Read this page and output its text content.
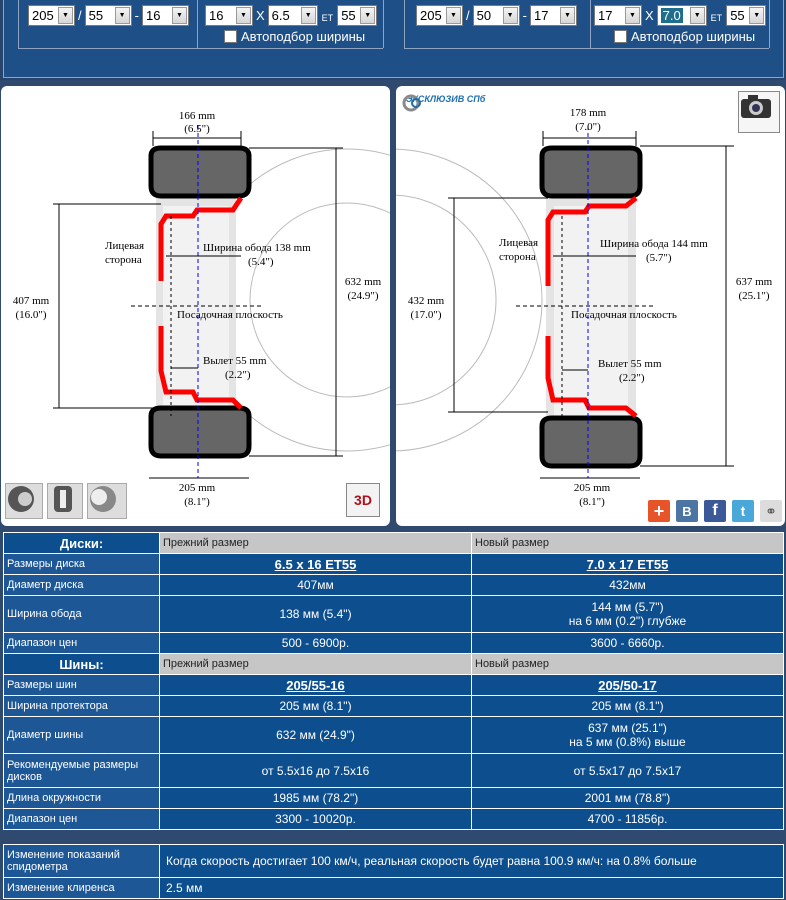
205	▼ / 55	▼ - 16	▼	16	▼ X 6.5	▼	ET 55	▼
Автоподбор ширины
205	▼ / 50	▼ - 17	▼	17	▼ X 7.0	▼	ET 55	▼
Автоподбор ширины
166 mm
(6.5")
Лицевая
сторона
Ширина обода 138 mm
(5.4")
Посадочная плоскость
Вылет 55 mm
(2.2")
407 mm
(16.0")
632 mm
(24.9")
205 mm
(8.1")	3D
178 mm
(7.0")
Лицевая
сторона
Ширина обода 144 mm
(5.7")
Посадочная плоскость
Вылет 55 mm
(2.2")
432 mm
(17.0")
637 mm
(25.1")
205 mm
(8.1")
ЭКСКЛЮЗИВ СПб
+	B	f	t	⚭
Диски:	Прежний размер	Новый размер
Размеры диска	6.5 x 16 ET55	7.0 x 17 ET55
Диаметр диска	407мм	432мм
Ширина обода	138 мм (5.4")	144 мм (5.7")
на 6 мм (0.2") глубже

Диапазон цен	500 - 6900р.	3600 - 6660р.
Шины:	Прежний размер	Новый размер
Размеры шин	205/55-16	205/50-17
Ширина протектора	205 мм (8.1")	205 мм (8.1")
Диаметр шины	632 мм (24.9")	637 мм (25.1")
на 5 мм (0.8%) выше

Рекомендуемые размеры дисков	от 5.5x16 до 7.5x16	от 5.5x17 до 7.5x17
Длина окружности	1985 мм (78.2")	2001 мм (78.8")
Диапазон цен	3300 - 10020р.	4700 - 11856р.
Изменение показаний спидометра	Когда скорость достигает 100 км/ч, реальная скорость будет равна 100.9 км/ч: на 0.8% больше
Изменение клиренса	2.5 мм
